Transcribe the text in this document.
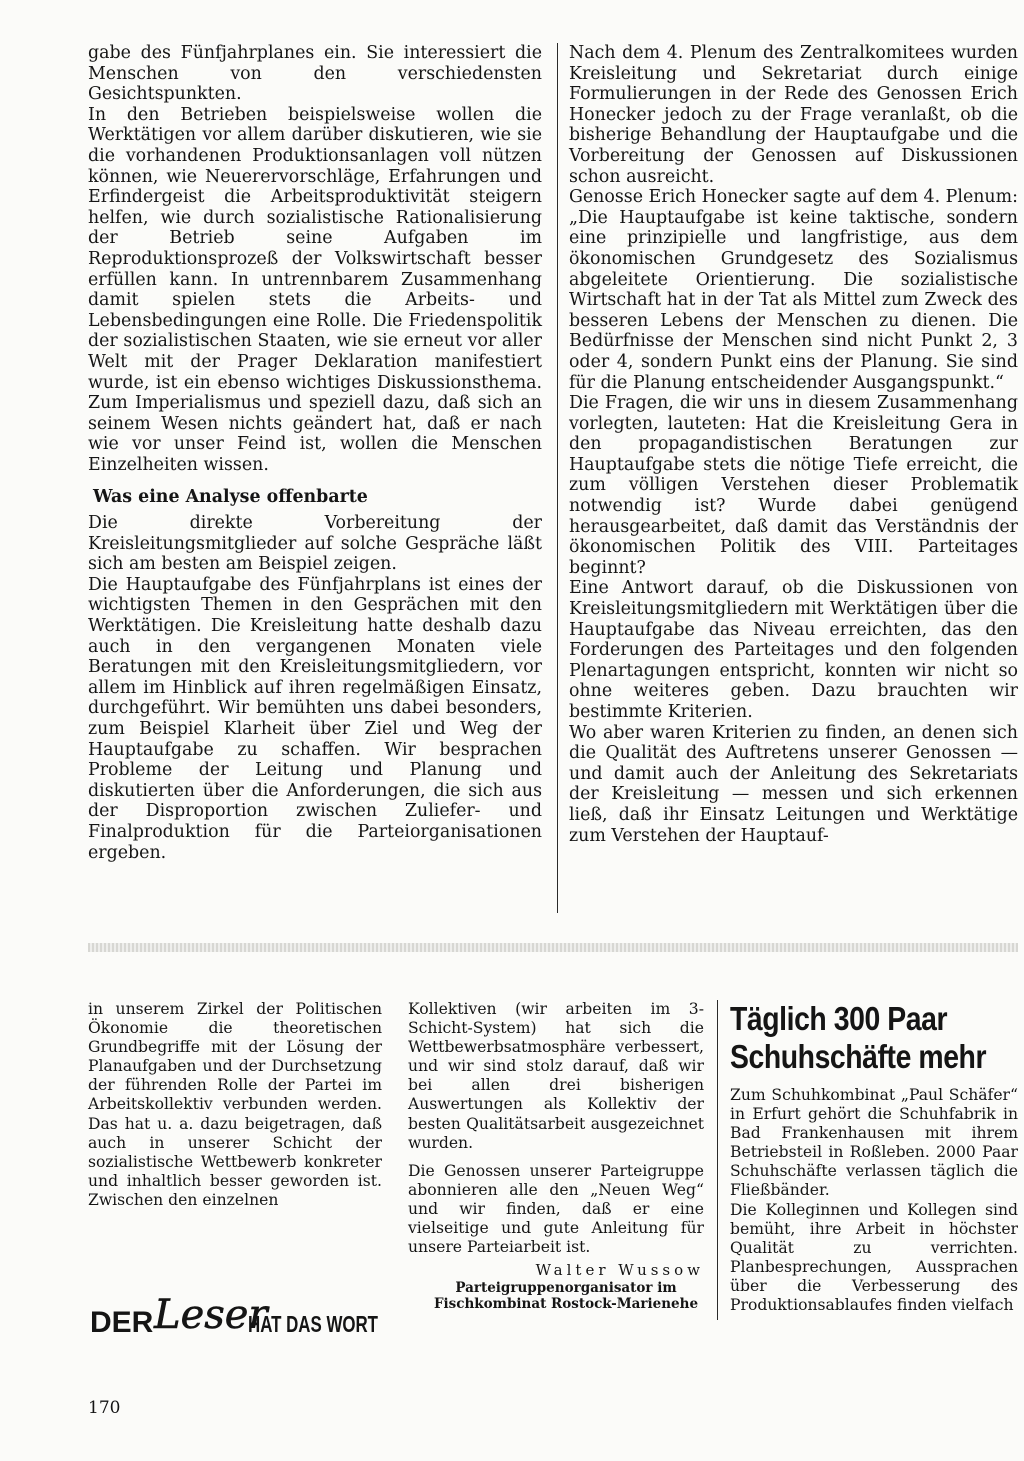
gabe des Fünfjahrplanes ein. Sie interessiert die Menschen von den verschiedensten Gesichtspunkten.

In den Betrieben beispielsweise wollen die Werktätigen vor allem darüber diskutieren, wie sie die vorhandenen Produktionsanlagen voll nützen können, wie Neuerervorschläge, Erfahrungen und Erfindergeist die Arbeitsproduktivität steigern helfen, wie durch sozialistische Rationalisierung der Betrieb seine Aufgaben im Reproduktionsprozeß der Volkswirtschaft besser erfüllen kann. In untrennbarem Zusammenhang damit spielen stets die Arbeits- und Lebensbedingungen eine Rolle. Die Friedenspolitik der sozialistischen Staaten, wie sie erneut vor aller Welt mit der Prager Deklaration manifestiert wurde, ist ein ebenso wichtiges Diskussionsthema. Zum Imperialismus und speziell dazu, daß sich an seinem Wesen nichts geändert hat, daß er nach wie vor unser Feind ist, wollen die Menschen Einzelheiten wissen.

Was eine Analyse offenbarte

Die direkte Vorbereitung der Kreisleitungsmitglieder auf solche Gespräche läßt sich am besten am Beispiel zeigen.

Die Hauptaufgabe des Fünfjahrplans ist eines der wichtigsten Themen in den Gesprächen mit den Werktätigen. Die Kreisleitung hatte deshalb dazu auch in den vergangenen Monaten viele Beratungen mit den Kreisleitungsmitgliedern, vor allem im Hinblick auf ihren regelmäßigen Einsatz, durchgeführt. Wir bemühten uns dabei besonders, zum Beispiel Klarheit über Ziel und Weg der Hauptaufgabe zu schaffen. Wir besprachen Probleme der Leitung und Planung und diskutierten über die Anforderungen, die sich aus der Disproportion zwischen Zuliefer- und Finalproduktion für die Parteiorganisationen ergeben.

Nach dem 4. Plenum des Zentralkomitees wurden Kreisleitung und Sekretariat durch einige Formulierungen in der Rede des Genossen Erich Honecker jedoch zu der Frage veranlaßt, ob die bisherige Behandlung der Hauptaufgabe und die Vorbereitung der Genossen auf Diskussionen schon ausreicht.

Genosse Erich Honecker sagte auf dem 4. Plenum: „Die Hauptaufgabe ist keine taktische, sondern eine prinzipielle und langfristige, aus dem ökonomischen Grundgesetz des Sozialismus abgeleitete Orientierung. Die sozialistische Wirtschaft hat in der Tat als Mittel zum Zweck des besseren Lebens der Menschen zu dienen. Die Bedürfnisse der Menschen sind nicht Punkt 2, 3 oder 4, sondern Punkt eins der Planung. Sie sind für die Planung entscheidender Ausgangspunkt.“

Die Fragen, die wir uns in diesem Zusammenhang vorlegten, lauteten: Hat die Kreisleitung Gera in den propagandistischen Beratungen zur Hauptaufgabe stets die nötige Tiefe erreicht, die zum völligen Verstehen dieser Problematik notwendig ist? Wurde dabei genügend herausgearbeitet, daß damit das Verständnis der ökonomischen Politik des VIII. Parteitages beginnt?

Eine Antwort darauf, ob die Diskussionen von Kreisleitungsmitgliedern mit Werktätigen über die Hauptaufgabe das Niveau erreichten, das den Forderungen des Parteitages und den folgenden Plenartagungen entspricht, konnten wir nicht so ohne weiteres geben. Dazu brauchten wir bestimmte Kriterien.

Wo aber waren Kriterien zu finden, an denen sich die Qualität des Auftretens unserer Genossen — und damit auch der Anleitung des Sekretariats der Kreisleitung — messen und sich erkennen ließ, daß ihr Einsatz Leitungen und Werktätige zum Verstehen der Hauptauf-

in unserem Zirkel der Politischen Ökonomie die theoretischen Grundbegriffe mit der Lösung der Planaufgaben und der Durchsetzung der führenden Rolle der Partei im Arbeitskollektiv verbunden werden. Das hat u. a. dazu beigetragen, daß auch in unserer Schicht der sozialistische Wettbewerb konkreter und inhaltlich besser geworden ist. Zwischen den einzelnen

DER Leser
HAT DAS WORT

Kollektiven (wir arbeiten im 3-Schicht-System) hat sich die Wettbewerbsatmosphäre verbessert, und wir sind stolz darauf, daß wir bei allen drei bisherigen Auswertungen als Kollektiv der besten Qualitätsarbeit ausgezeichnet wurden.

Die Genossen unserer Parteigruppe abonnieren alle den „Neuen Weg“ und wir finden, daß er eine vielseitige und gute Anleitung für unsere Parteiarbeit ist.

Walter Wussow

Parteigruppenorganisator im

Fischkombinat Rostock-Marienehe

Täglich 300 Paar
Schuhschäfte mehr

Zum Schuhkombinat „Paul Schäfer“ in Erfurt gehört die Schuhfabrik in Bad Frankenhausen mit ihrem Betriebsteil in Roßleben. 2000 Paar Schuhschäfte verlassen täglich die Fließbänder.

Die Kolleginnen und Kollegen sind bemüht, ihre Arbeit in höchster Qualität zu verrichten. Planbesprechungen, Aussprachen über die Verbesserung des Produktionsablaufes finden vielfach

170
